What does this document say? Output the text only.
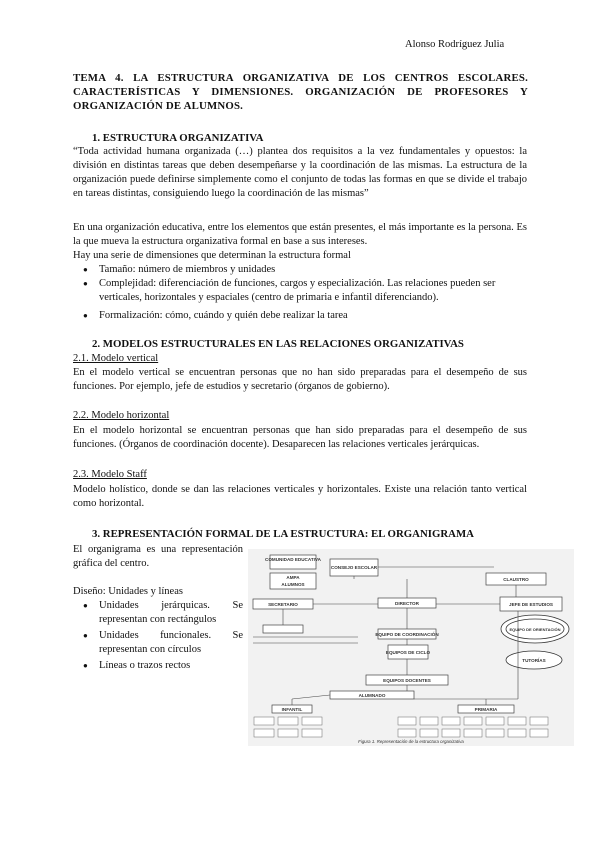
Alonso Rodríguez Julia
TEMA 4. LA ESTRUCTURA ORGANIZATIVA DE LOS CENTROS ESCOLARES. CARACTERÍSTICAS Y DIMENSIONES. ORGANIZACIÓN DE PROFESORES Y ORGANIZACIÓN DE ALUMNOS.
1. ESTRUCTURA ORGANIZATIVA
“Toda actividad humana organizada (…) plantea dos requisitos a la vez fundamentales y opuestos: la división en distintas tareas que deben desempeñarse y la coordinación de las mismas. La estructura de la organización puede definirse simplemente como el conjunto de todas las formas en que se divide el trabajo en tareas distintas, consiguiendo luego la coordinación de las mismas”
En una organización educativa, entre los elementos que están presentes, el más importante es la persona. Es la que mueva la estructura organizativa formal en base a sus intereses.
Hay una serie de dimensiones que determinan la estructura formal
● Tamaño: número de miembros y unidades
● Complejidad: diferenciación de funciones, cargos y especialización. Las relaciones pueden ser verticales, horizontales y espaciales (centro de primaria e infantil diferenciando).
● Formalización: cómo, cuándo y quién debe realizar la tarea
2. MODELOS ESTRUCTURALES EN LAS RELACIONES ORGANIZATIVAS
2.1. Modelo vertical
En el modelo vertical se encuentran personas que no han sido preparadas para el desempeño de sus funciones. Por ejemplo, jefe de estudios y secretario (órganos de gobierno).
2.2. Modelo horizontal
En el modelo horizontal se encuentran personas que han sido preparadas para el desempeño de sus funciones. (Órganos de coordinación docente). Desaparecen las relaciones verticales jerárquicas.
2.3. Modelo Staff
Modelo holístico, donde se dan las relaciones verticales y horizontales. Existe una relación tanto vertical como horizontal.
3. REPRESENTACIÓN FORMAL DE LA ESTRUCTURA: EL ORGANIGRAMA
El organigrama es una representación gráfica del centro.
Diseño: Unidades y líneas
● Unidades jerárquicas. Se representan con rectángulos
● Unidades funcionales. Se representan con círculos
● Líneas o trazos rectos
COMUNIDAD EDUCATIVA
AMPA
ALUMNOS
CONSEJO ESCOLAR
CLAUSTRO
SECRETARIO	DIRECTOR	JEFE DE ESTUDIOS
EQUIPO DE COORDINACIÓN
EQUIPOS DE CICLO
EQUIPOS DOCENTES
ALUMNADO
INFANTIL	PRIMARIA
EQUIPO DE ORIENTACIÓN
TUTORÍAS
Figura 1. Representación de la estructura organizativa
